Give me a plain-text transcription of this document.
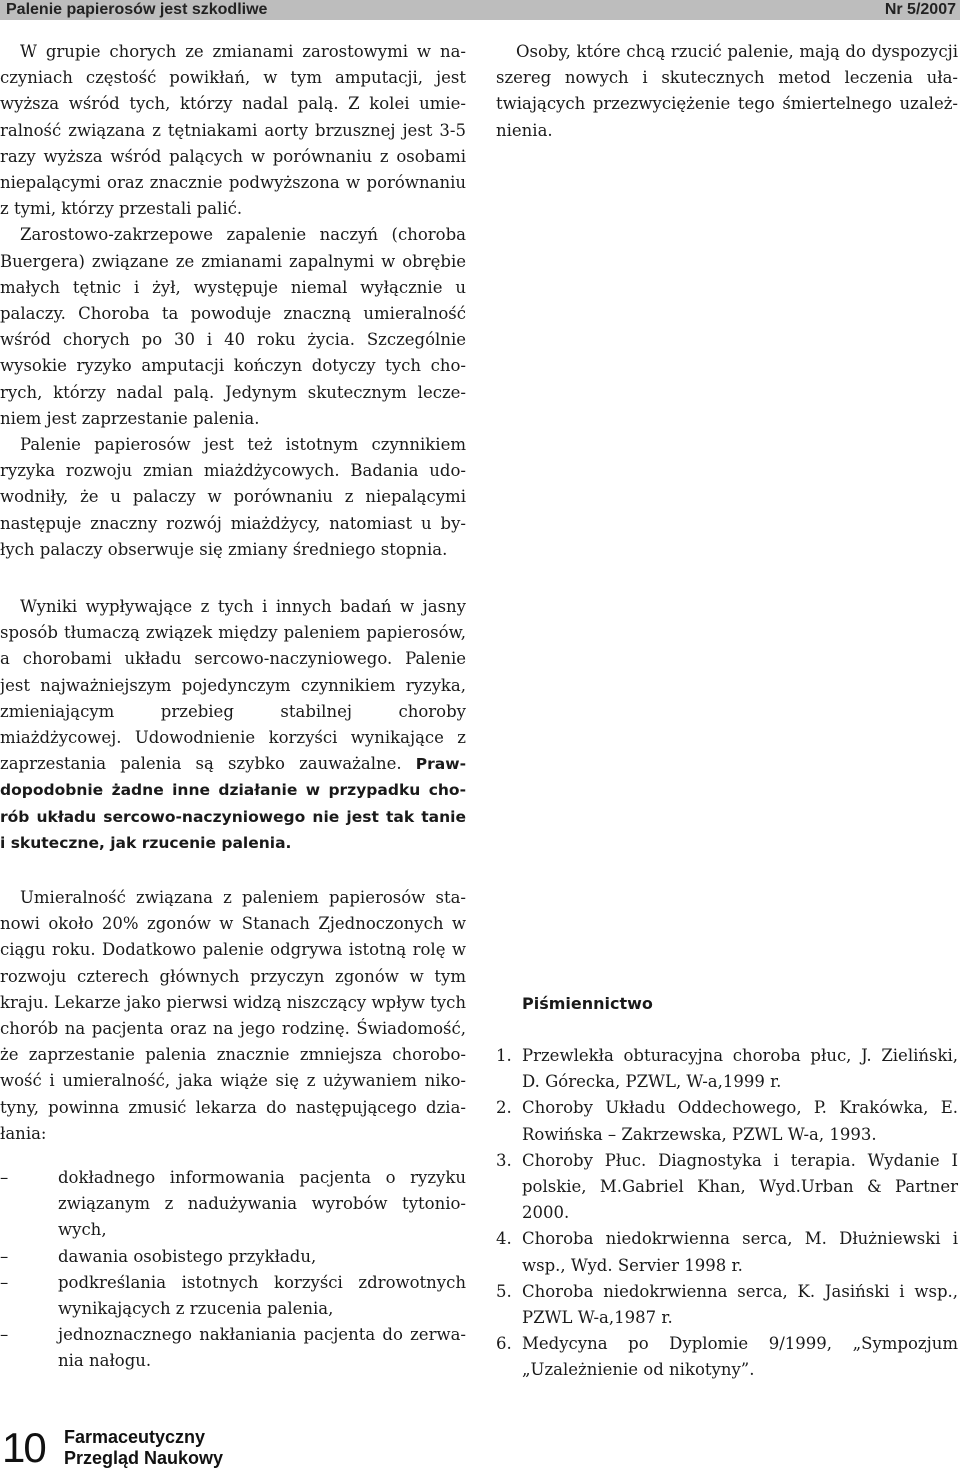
Palenie papierosów jest szkodliwe	Nr 5/2007

W grupie chorych ze zmianami zarostowymi w naczyniach częstość powikłań, w tym amputacji, jest wyższa wśród tych, którzy nadal palą. Z kolei umieralność związana z tętniakami aorty brzusznej jest 3-5 razy wyższa wśród palących w porównaniu z osobami niepalącymi oraz znacznie podwyższona w porównaniu z tymi, którzy przestali palić.

Zarostowo-zakrzepowe zapalenie naczyń (choroba Buergera) związane ze zmianami zapalnymi w obrębie małych tętnic i żył, występuje niemal wyłącznie u palaczy. Choroba ta powoduje znaczną umieralność wśród chorych po 30 i 40 roku życia. Szczególnie wysokie ryzyko amputacji kończyn dotyczy tych chorych, którzy nadal palą. Jedynym skutecznym leczeniem jest zaprzestanie palenia.

Palenie papierosów jest też istotnym czynnikiem ryzyka rozwoju zmian miażdżycowych. Badania udowodniły, że u palaczy w porównaniu z niepalącymi następuje znaczny rozwój miażdżycy, natomiast u byłych palaczy obserwuje się zmiany średniego stopnia.

Wyniki wypływające z tych i innych badań w jasny sposób tłumaczą związek między paleniem papierosów, a chorobami układu sercowo-naczyniowego. Palenie jest najważniejszym pojedynczym czynnikiem ryzyka, zmieniającym przebieg stabilnej choroby miażdżycowej. Udowodnienie korzyści wynikające z zaprzestania palenia są szybko zauważalne. Prawdopodobnie żadne inne działanie w przypadku chorób układu sercowo-naczyniowego nie jest tak tanie i skuteczne, jak rzucenie palenia.

Umieralność związana z paleniem papierosów stanowi około 20% zgonów w Stanach Zjednoczonych w ciągu roku. Dodatkowo palenie odgrywa istotną rolę w rozwoju czterech głównych przyczyn zgonów w tym kraju. Lekarze jako pierwsi widzą niszczący wpływ tych chorób na pacjenta oraz na jego rodzinę. Świadomość, że zaprzestanie palenia znacznie zmniejsza chorobowość i umieralność, jaka wiąże się z używaniem nikotyny, powinna zmusić lekarza do następującego działania:

–	dokładnego informowania pacjenta o ryzyku związanym z nadużywania wyrobów tytoniowych,
–	dawania osobistego przykładu,
–	podkreślania istotnych korzyści zdrowotnych wynikających z rzucenia palenia,
–	jednoznacznego nakłaniania pacjenta do zerwania nałogu.

Osoby, które chcą rzucić palenie, mają do dyspozycji szereg nowych i skutecznych metod leczenia ułatwiających przezwyciężenie tego śmiertelnego uzależnienia.

Piśmiennictwo
1. Przewlekła obturacyjna choroba płuc, J. Zieliński, D. Górecka, PZWL, W-a,1999 r.
2. Choroby Układu Oddechowego, P. Krakówka, E. Rowińska – Zakrzewska, PZWL W-a, 1993.
3. Choroby Płuc. Diagnostyka i terapia. Wydanie I polskie, M.Gabriel Khan, Wyd.Urban & Partner 2000.
4. Choroba niedokrwienna serca, M. Dłużniewski i wsp., Wyd. Servier 1998 r.
5. Choroba niedokrwienna serca, K. Jasiński i wsp., PZWL W-a,1987 r.
6. Medycyna po Dyplomie 9/1999, „Sympozjum „Uzależnienie od nikotyny”.
10 Farmaceutyczny
Przegląd Naukowy
